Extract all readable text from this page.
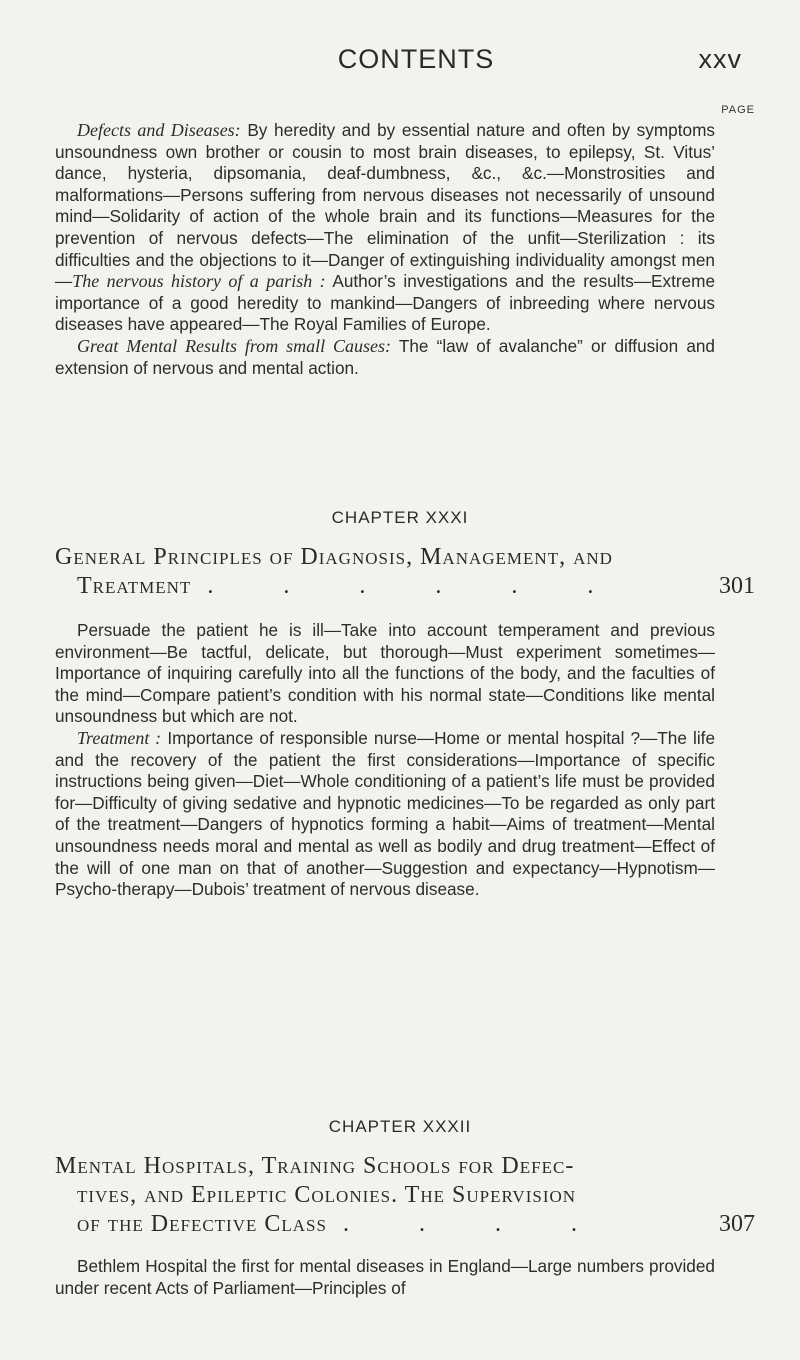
CONTENTS	xxv
PAGE

Defects and Diseases: By heredity and by essential nature and often by symptoms unsoundness own brother or cousin to most brain diseases, to epilepsy, St. Vitus’ dance, hysteria, dipsomania, deaf-dumbness, &c., &c.—Monstrosities and malformations—Persons suffering from nervous diseases not necessarily of unsound mind—Solidarity of action of the whole brain and its functions—Measures for the prevention of nervous defects—The elimination of the unfit—Sterilization : its difficulties and the objections to it—Danger of extinguishing individuality amongst men—The nervous history of a parish : Author’s investigations and the results—Extreme importance of a good heredity to mankind—Dangers of inbreeding where nervous diseases have appeared—The Royal Families of Europe.

Great Mental Results from small Causes: The “law of avalanche” or diffusion and extension of nervous and mental action.

CHAPTER XXXI
General Principles of Diagnosis, Management, and
Treatment . . . . . .	301

Persuade the patient he is ill—Take into account temperament and previous environment—Be tactful, delicate, but thorough—Must experiment sometimes—Importance of inquiring carefully into all the functions of the body, and the faculties of the mind—Compare patient’s condition with his normal state—Conditions like mental unsoundness but which are not.

Treatment : Importance of responsible nurse—Home or mental hospital ?—The life and the recovery of the patient the first considerations—Importance of specific instructions being given—Diet—Whole conditioning of a patient’s life must be provided for—Difficulty of giving sedative and hypnotic medicines—To be regarded as only part of the treatment—Dangers of hypnotics forming a habit—Aims of treatment—Mental unsoundness needs moral and mental as well as bodily and drug treatment—Effect of the will of one man on that of another—Suggestion and expectancy—Hypnotism—Psycho-therapy—Dubois’ treatment of nervous disease.

CHAPTER XXXII
Mental Hospitals, Training Schools for Defec-
tives, and Epileptic Colonies. The Supervision
of the Defective Class . . . .	307

Bethlem Hospital the first for mental diseases in England—Large numbers provided under recent Acts of Parliament—Principles of
